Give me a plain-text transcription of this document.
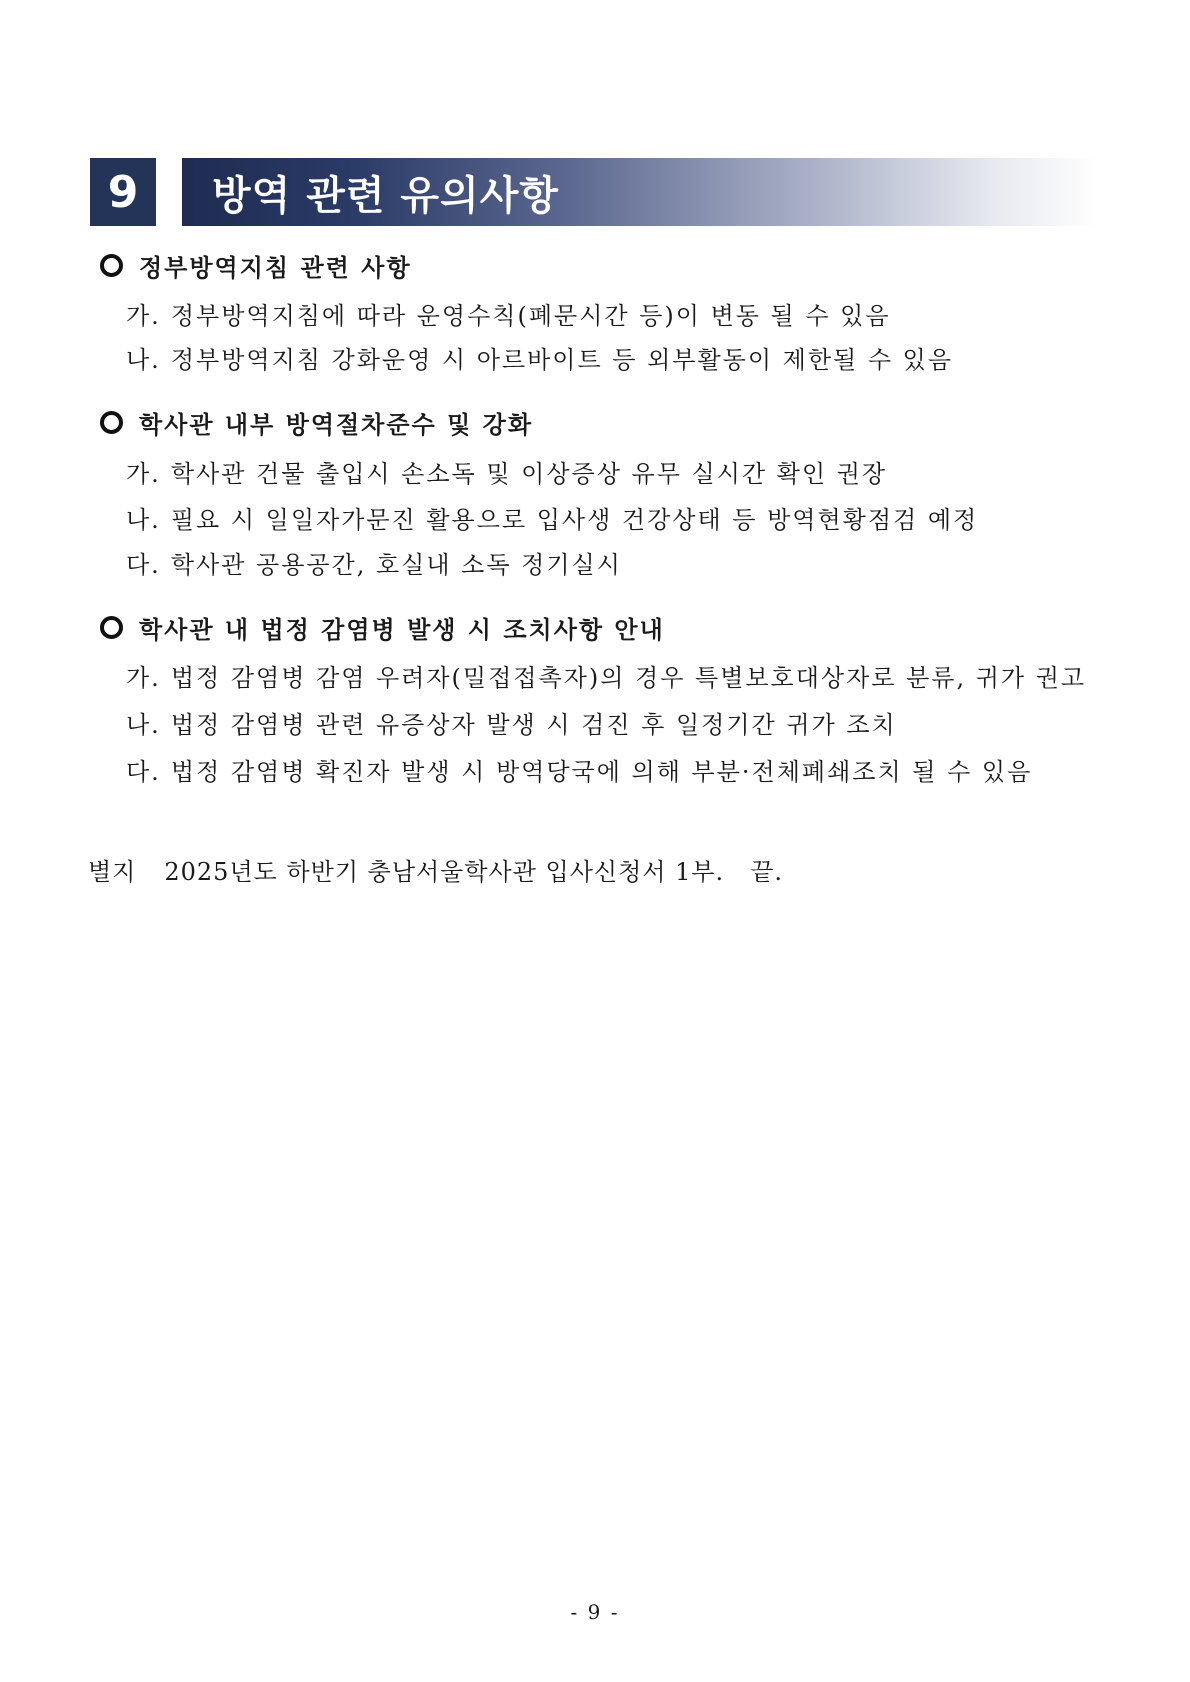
9	방역 관련 유의사항
정부방역지침 관련 사항
가. 정부방역지침에 따라 운영수칙(폐문시간 등)이 변동 될 수 있음
나. 정부방역지침 강화운영 시 아르바이트 등 외부활동이 제한될 수 있음
학사관 내부 방역절차준수 및 강화
가. 학사관 건물 출입시 손소독 및 이상증상 유무 실시간 확인 권장
나. 필요 시 일일자가문진 활용으로 입사생 건강상태 등 방역현황점검 예정
다. 학사관 공용공간, 호실내 소독 정기실시
학사관 내 법정 감염병 발생 시 조치사항 안내
가. 법정 감염병 감염 우려자(밀접접촉자)의 경우 특별보호대상자로 분류, 귀가 권고
나. 법정 감염병 관련 유증상자 발생 시 검진 후 일정기간 귀가 조치
다. 법정 감염병 확진자 발생 시 방역당국에 의해 부분·전체폐쇄조치 될 수 있음
별지 2025년도 하반기 충남서울학사관 입사신청서 1부. 끝.
- 9 -
